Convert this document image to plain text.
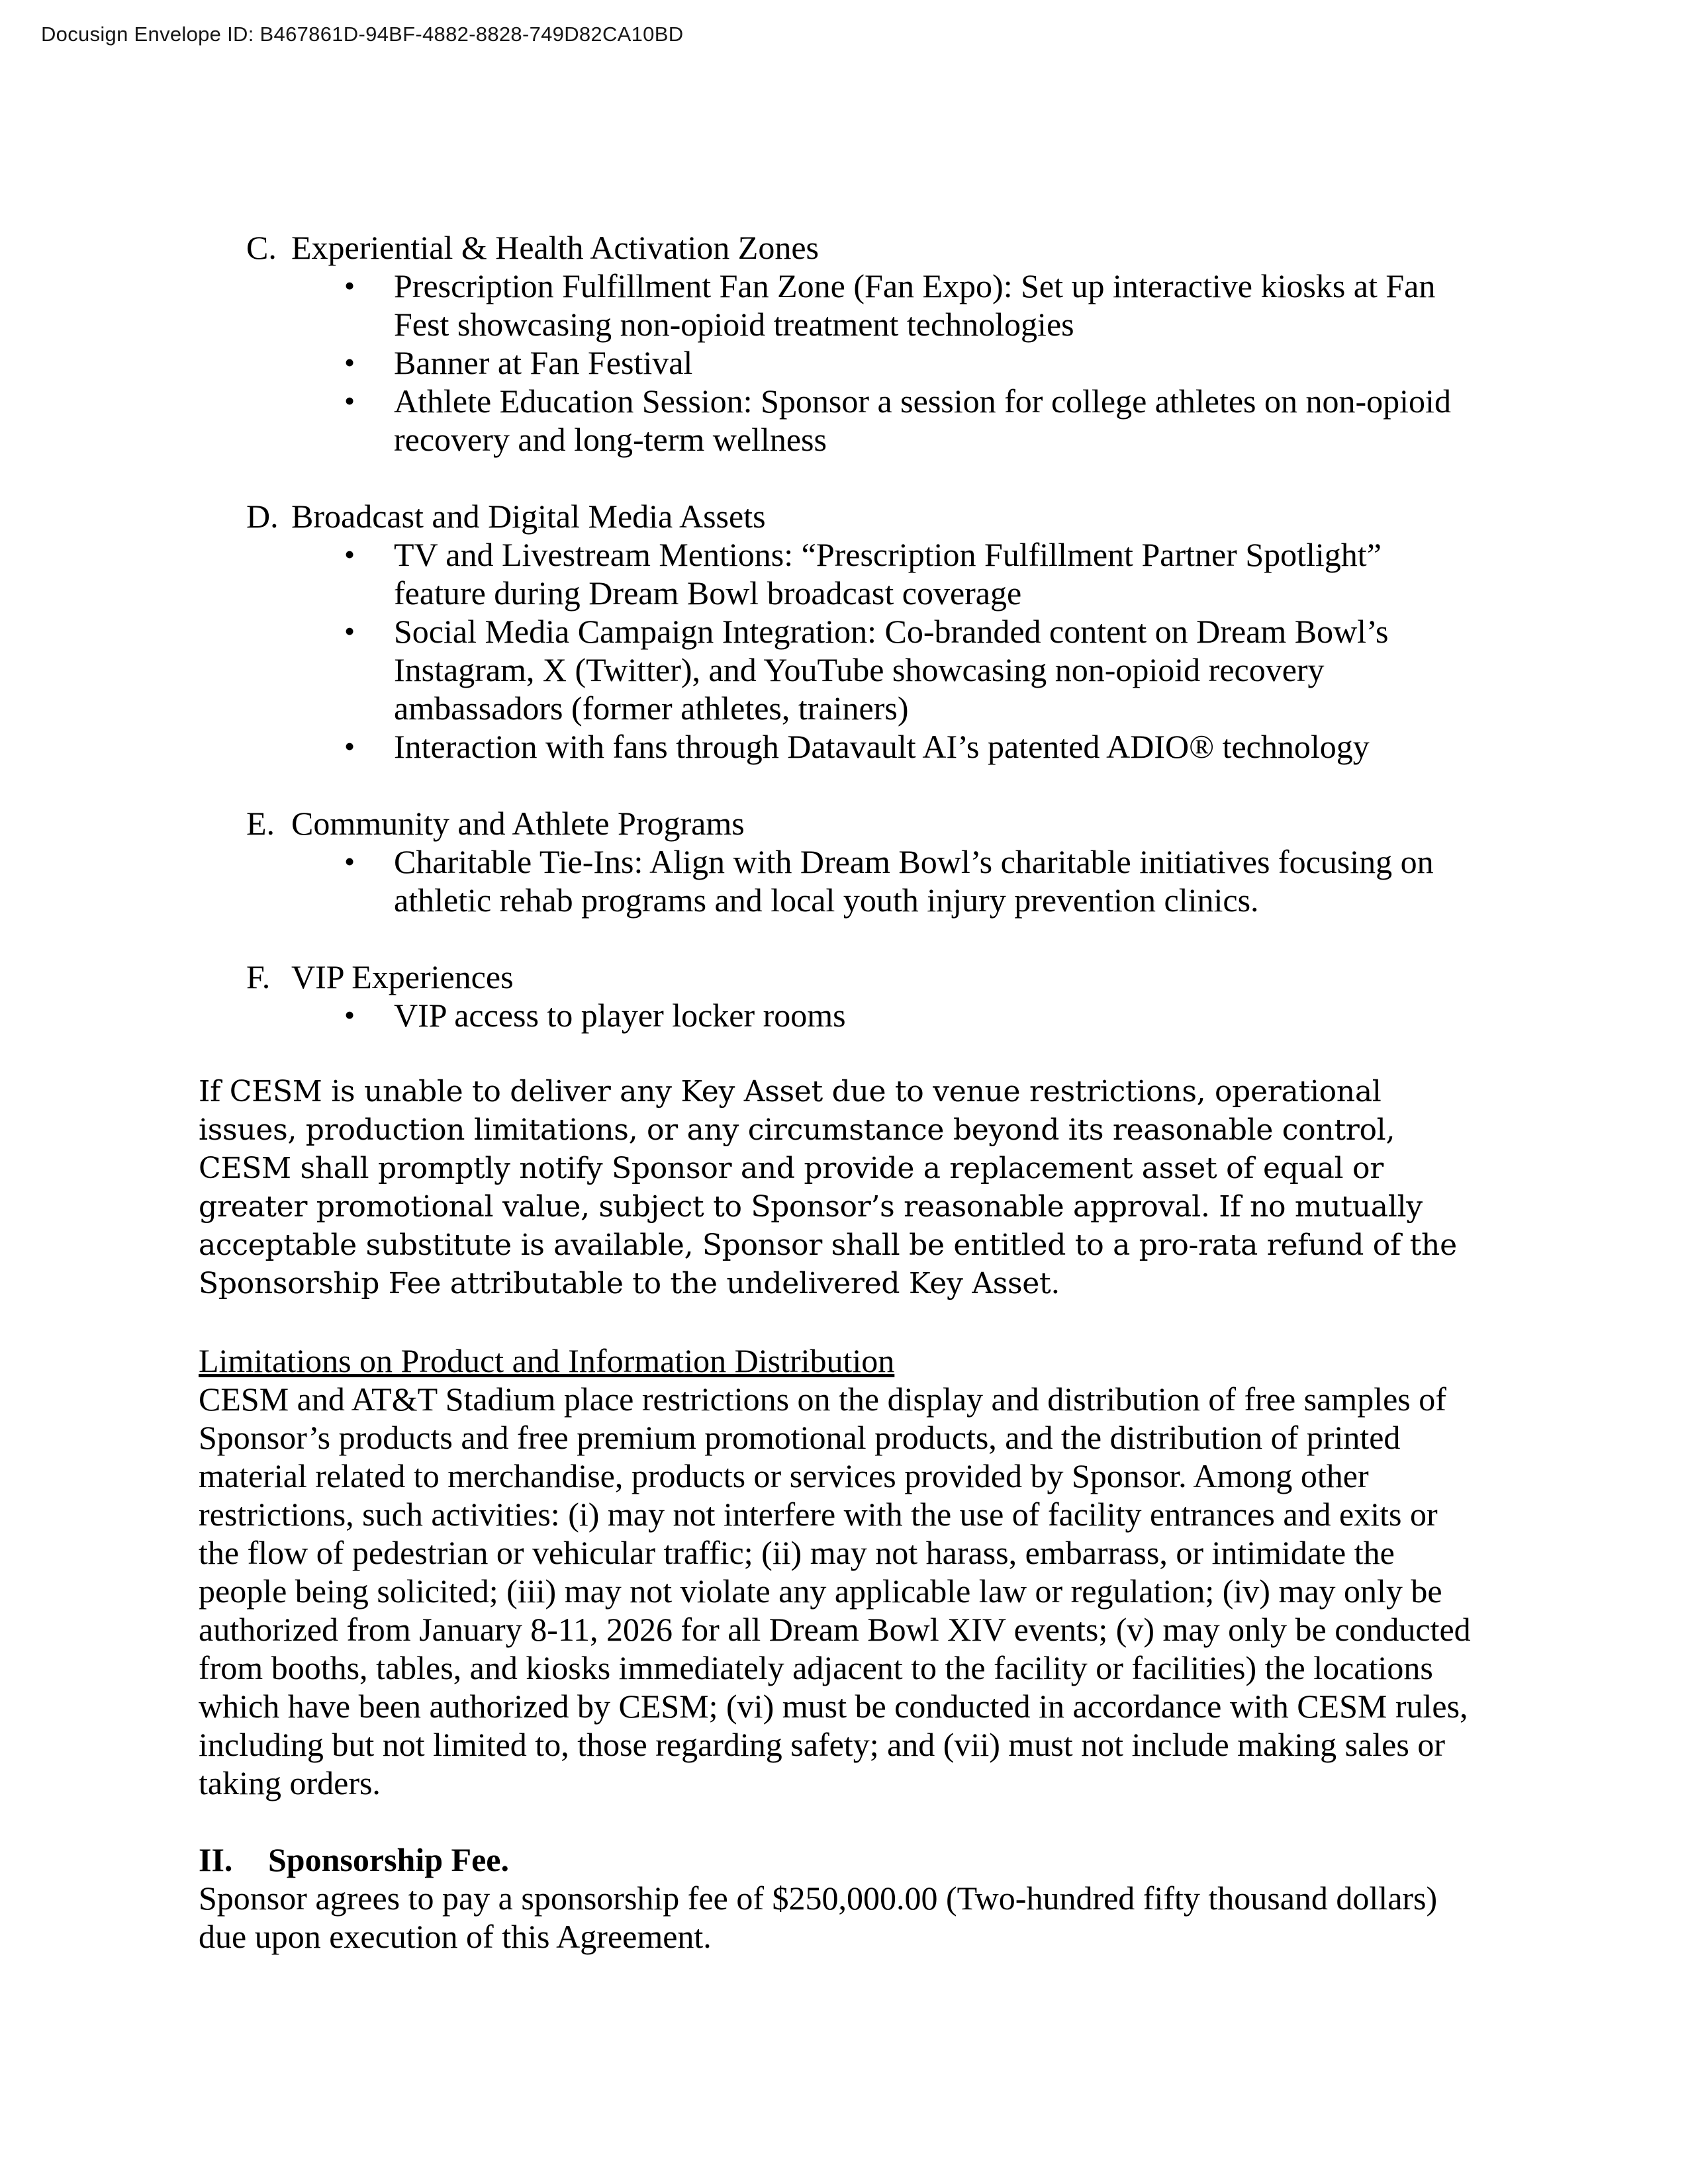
Docusign Envelope ID: B467861D-94BF-4882-8828-749D82CA10BD
C. Experiential & Health Activation Zones
•	Prescription Fulfillment Fan Zone (Fan Expo): Set up interactive kiosks at Fan Fest showcasing non-opioid treatment technologies
•	Banner at Fan Festival
•	Athlete Education Session: Sponsor a session for college athletes on non-opioid recovery and long-term wellness
D. Broadcast and Digital Media Assets
•	TV and Livestream Mentions: “Prescription Fulfillment Partner Spotlight” feature during Dream Bowl broadcast coverage
•	Social Media Campaign Integration: Co-branded content on Dream Bowl’s Instagram, X (Twitter), and YouTube showcasing non-opioid recovery ambassadors (former athletes, trainers)
•	Interaction with fans through Datavault AI’s patented ADIO® technology
E. Community and Athlete Programs
•	Charitable Tie-Ins: Align with Dream Bowl’s charitable initiatives focusing on athletic rehab programs and local youth injury prevention clinics.
F. VIP Experiences
•	VIP access to player locker rooms

If CESM is unable to deliver any Key Asset due to venue restrictions, operational issues, production limitations, or any circumstance beyond its reasonable control, CESM shall promptly notify Sponsor and provide a replacement asset of equal or greater promotional value, subject to Sponsor’s reasonable approval. If no mutually acceptable substitute is available, Sponsor shall be entitled to a pro-rata refund of the Sponsorship Fee attributable to the undelivered Key Asset.

Limitations on Product and Information Distribution

CESM and AT&T Stadium place restrictions on the display and distribution of free samples of Sponsor’s products and free premium promotional products, and the distribution of printed material related to merchandise, products or services provided by Sponsor. Among other restrictions, such activities: (i) may not interfere with the use of facility entrances and exits or the flow of pedestrian or vehicular traffic; (ii) may not harass, embarrass, or intimidate the people being solicited; (iii) may not violate any applicable law or regulation; (iv) may only be authorized from January 8-11, 2026 for all Dream Bowl XIV events; (v) may only be conducted from booths, tables, and kiosks immediately adjacent to the facility or facilities) the locations which have been authorized by CESM; (vi) must be conducted in accordance with CESM rules, including but not limited to, those regarding safety; and (vii) must not include making sales or taking orders.

II.	Sponsorship Fee.

Sponsor agrees to pay a sponsorship fee of $250,000.00 (Two-hundred fifty thousand dollars) due upon execution of this Agreement.
